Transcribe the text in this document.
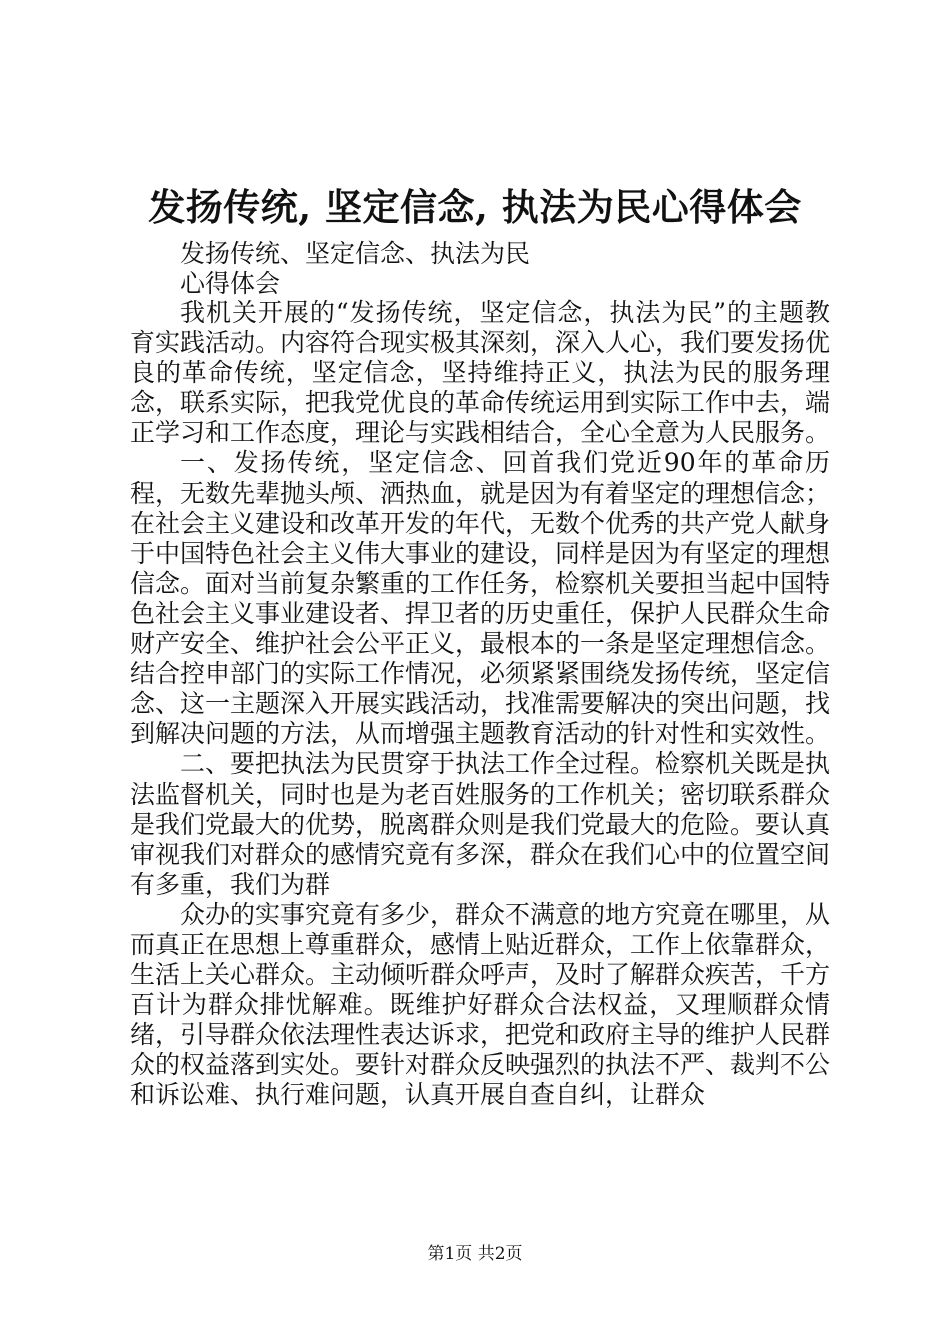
发扬传统, 坚定信念, 执法为民心得体会
发扬传统、坚定信念、执法为民
心得体会

我机关开展的“发扬传统，坚定信念，执法为民”的主题教育实践活动。内容符合现实极其深刻，深入人心，我们要发扬优良的革命传统，坚定信念，坚持维持正义，执法为民的服务理念，联系实际，把我党优良的革命传统运用到实际工作中去，端正学习和工作态度，理论与实践相结合，全心全意为人民服务。

一、发扬传统，坚定信念、回首我们党近90年的革命历程，无数先辈抛头颅、洒热血，就是因为有着坚定的理想信念；在社会主义建设和改革开发的年代，无数个优秀的共产党人献身于中国特色社会主义伟大事业的建设，同样是因为有坚定的理想信念。面对当前复杂繁重的工作任务，检察机关要担当起中国特色社会主义事业建设者、捍卫者的历史重任，保护人民群众生命财产安全、维护社会公平正义，最根本的一条是坚定理想信念。结合控申部门的实际工作情况，必须紧紧围绕发扬传统，坚定信念、这一主题深入开展实践活动，找准需要解决的突出问题，找到解决问题的方法，从而增强主题教育活动的针对性和实效性。

二、要把执法为民贯穿于执法工作全过程。检察机关既是执法监督机关，同时也是为老百姓服务的工作机关；密切联系群众是我们党最大的优势，脱离群众则是我们党最大的危险。要认真审视我们对群众的感情究竟有多深，群众在我们心中的位置空间有多重，我们为群

众办的实事究竟有多少，群众不满意的地方究竟在哪里，从而真正在思想上尊重群众，感情上贴近群众，工作上依靠群众，生活上关心群众。主动倾听群众呼声，及时了解群众疾苦，千方百计为群众排忧解难。既维护好群众合法权益，又理顺群众情绪，引导群众依法理性表达诉求，把党和政府主导的维护人民群众的权益落到实处。要针对群众反映强烈的执法不严、裁判不公和诉讼难、执行难问题，认真开展自查自纠，让群众

第1页 共2页
